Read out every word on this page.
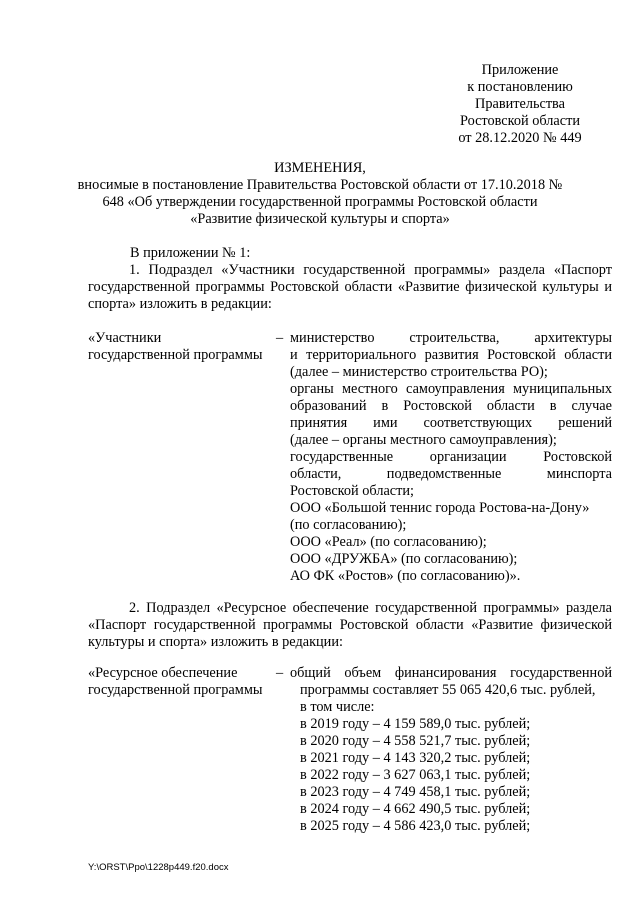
Приложение
к постановлению
Правительства
Ростовской области
от 28.12.2020 № 449
ИЗМЕНЕНИЯ,
вносимые в постановление Правительства Ростовской области от 17.10.2018 № 648 «Об утверждении государственной программы Ростовской области «Развитие физической культуры и спорта»
В приложении № 1:
1. Подраздел «Участники государственной программы» раздела «Паспорт государственной программы Ростовской области «Развитие физической культуры и спорта» изложить в редакции:
«Участники
государственной программы
– министерство строительства, архитектуры
и территориального развития Ростовской области
(далее – министерство строительства РО);
органы местного самоуправления муниципальных
образований в Ростовской области в случае
принятия ими соответствующих решений
(далее – органы местного самоуправления);
государственные организации Ростовской
области, подведомственные минспорта
Ростовской области;
ООО «Большой теннис города Ростова-на-Дону»
(по согласованию);
ООО «Реал» (по согласованию);
ООО «ДРУЖБА» (по согласованию);
АО ФК «Ростов» (по согласованию)».
2. Подраздел «Ресурсное обеспечение государственной программы» раздела «Паспорт государственной программы Ростовской области «Развитие физической культуры и спорта» изложить в редакции:
«Ресурсное обеспечение
государственной программы
– общий объем финансирования государственной
программы составляет 55 065 420,6 тыс. рублей,
в том числе:
в 2019 году – 4 159 589,0 тыс. рублей;
в 2020 году – 4 558 521,7 тыс. рублей;
в 2021 году – 4 143 320,2 тыс. рублей;
в 2022 году – 3 627 063,1 тыс. рублей;
в 2023 году – 4 749 458,1 тыс. рублей;
в 2024 году – 4 662 490,5 тыс. рублей;
в 2025 году – 4 586 423,0 тыс. рублей;
Y:\ORST\Ppo\1228p449.f20.docx
